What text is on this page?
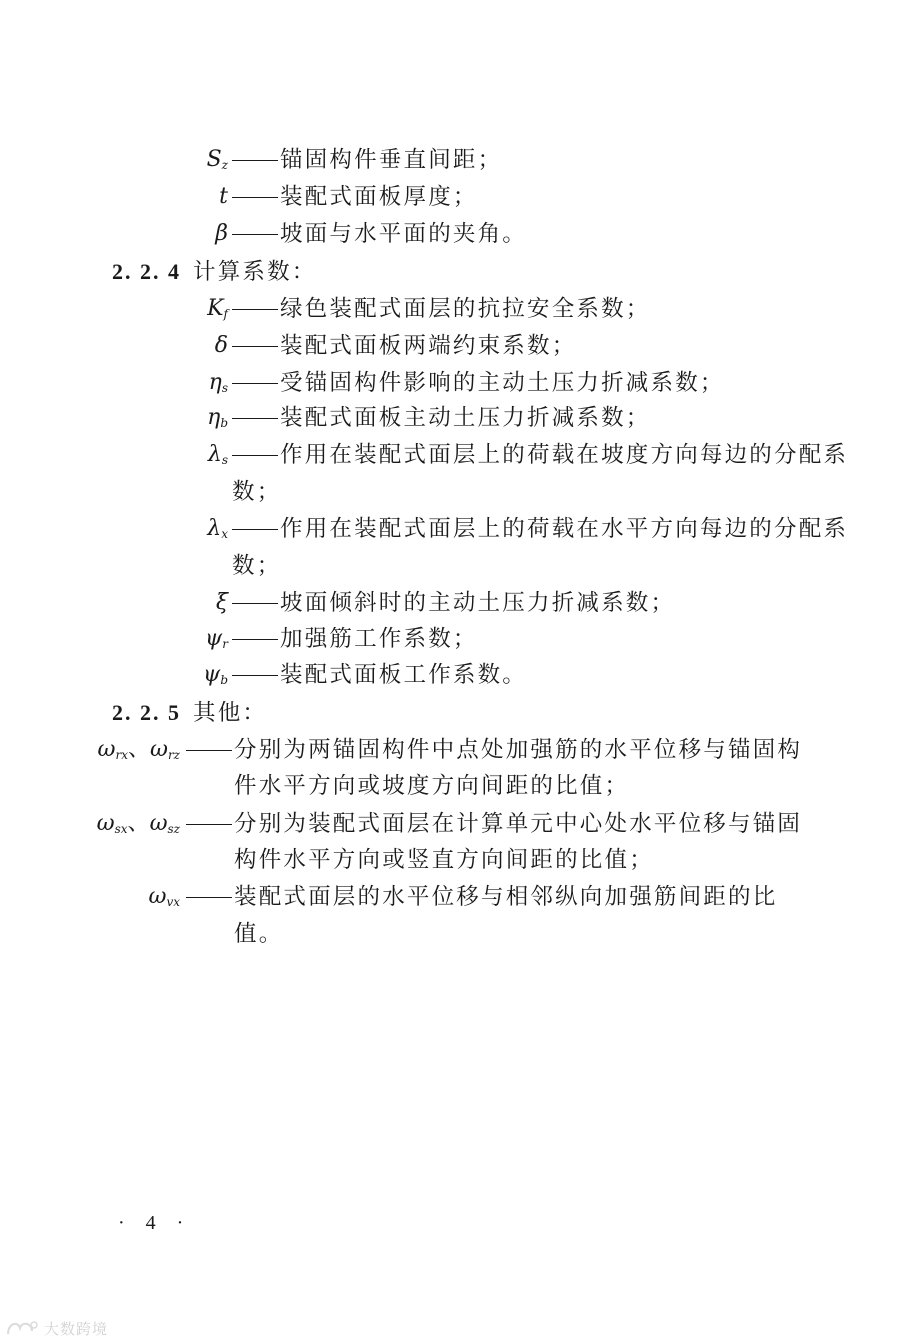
$S_z$ 锚固构件垂直间距；
t 装配式面板厚度；
β 坡面与水平面的夹角。
2. 2. 4 计算系数：
$K_f$ 绿色装配式面层的抗拉安全系数；
δ 装配式面板两端约束系数；
$\eta_s$ 受锚固构件影响的主动土压力折减系数；
$\eta_b$ 装配式面板主动土压力折减系数；
$\lambda_s$ 作用在装配式面层上的荷载在坡度方向每边的分配系
数；
$\lambda_x$ 作用在装配式面层上的荷载在水平方向每边的分配系
数；
ξ 坡面倾斜时的主动土压力折减系数；
$\psi_r$ 加强筋工作系数；
$\psi_b$ 装配式面板工作系数。
2. 2. 5 其他：
$\omega_{rx}$、$\omega_{rz}$ 分别为两锚固构件中点处加强筋的水平位移与锚固构
件水平方向或坡度方向间距的比值；
$\omega_{sx}$、$\omega_{sz}$ 分别为装配式面层在计算单元中心处水平位移与锚固
构件水平方向或竖直方向间距的比值；
$\omega_{vx}$ 装配式面层的水平位移与相邻纵向加强筋间距的比
值。
· 4 ·
大数跨境
